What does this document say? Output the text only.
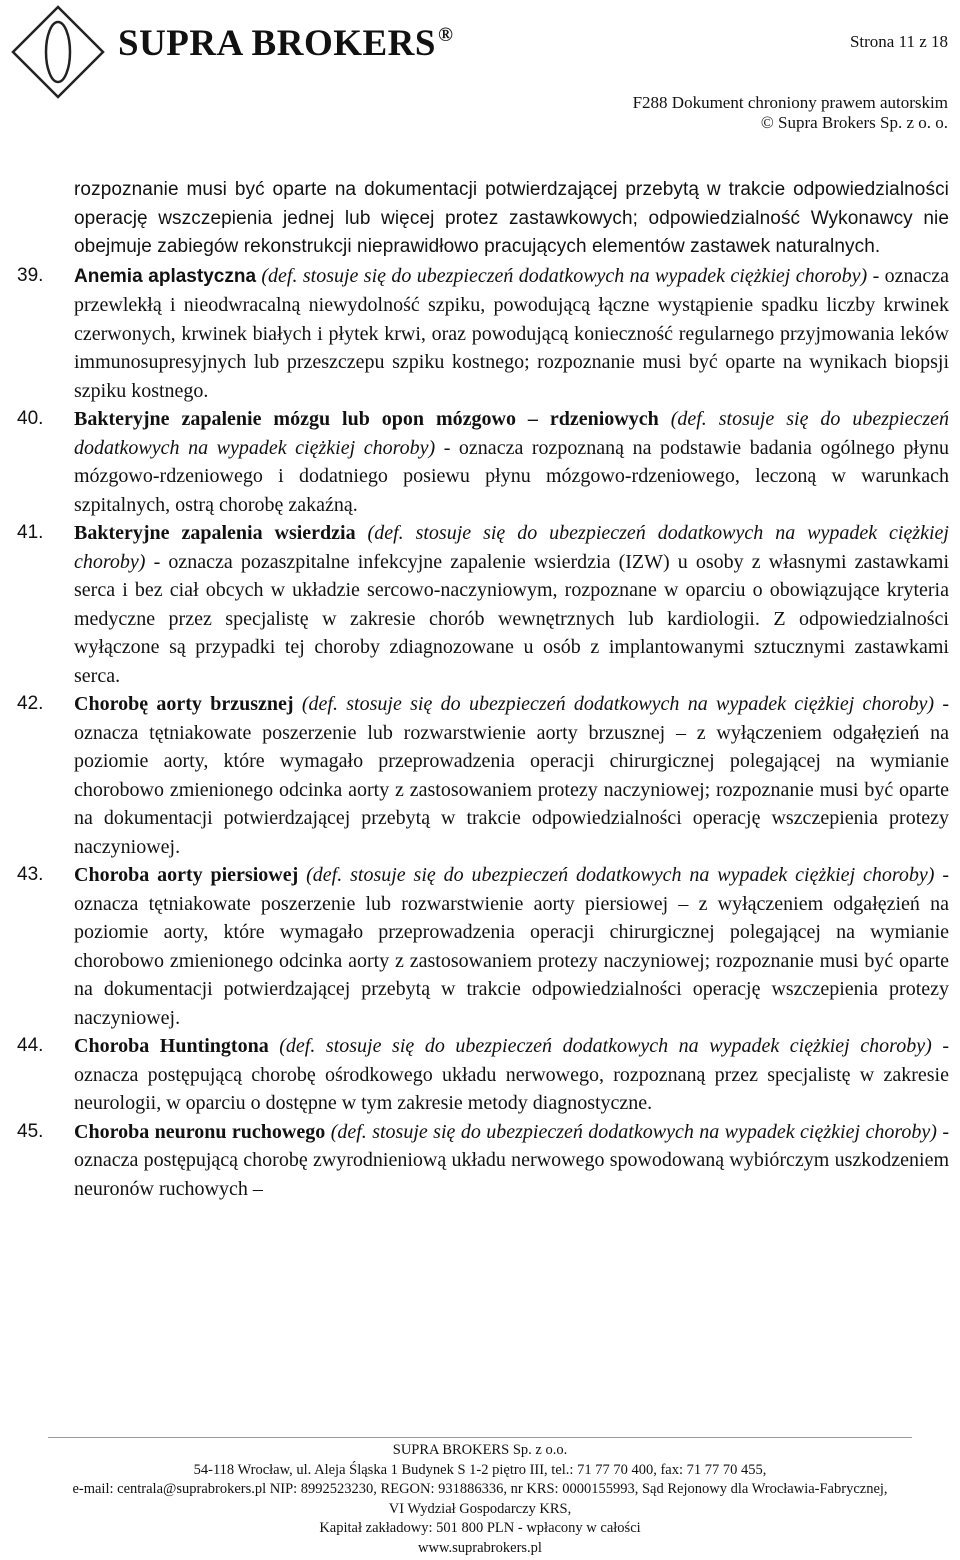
SUPRA BROKERS ®	Strona 11 z 18
F288 Dokument chroniony prawem autorskim
© Supra Brokers Sp. z o. o.
rozpoznanie musi być oparte na dokumentacji potwierdzającej przebytą w trakcie odpowiedzialności operację wszczepienia jednej lub więcej protez zastawkowych; odpowiedzialność Wykonawcy nie obejmuje zabiegów rekonstrukcji nieprawidłowo pracujących elementów zastawek naturalnych.
39. Anemia aplastyczna (def. stosuje się do ubezpieczeń dodatkowych na wypadek ciężkiej choroby) - oznacza przewlekłą i nieodwracalną niewydolność szpiku, powodującą łączne wystąpienie spadku liczby krwinek czerwonych, krwinek białych i płytek krwi, oraz powodującą konieczność regularnego przyjmowania leków immunosupresyjnych lub przeszczepu szpiku kostnego; rozpoznanie musi być oparte na wynikach biopsji szpiku kostnego.
40. Bakteryjne zapalenie mózgu lub opon mózgowo – rdzeniowych (def. stosuje się do ubezpieczeń dodatkowych na wypadek ciężkiej choroby) - oznacza rozpoznaną na podstawie badania ogólnego płynu mózgowo-rdzeniowego i dodatniego posiewu płynu mózgowo-rdzeniowego, leczoną w warunkach szpitalnych, ostrą chorobę zakaźną.
41. Bakteryjne zapalenia wsierdzia (def. stosuje się do ubezpieczeń dodatkowych na wypadek ciężkiej choroby) - oznacza pozaszpitalne infekcyjne zapalenie wsierdzia (IZW) u osoby z własnymi zastawkami serca i bez ciał obcych w układzie sercowo-naczyniowym, rozpoznane w oparciu o obowiązujące kryteria medyczne przez specjalistę w zakresie chorób wewnętrznych lub kardiologii. Z odpowiedzialności wyłączone są przypadki tej choroby zdiagnozowane u osób z implantowanymi sztucznymi zastawkami serca.
42. Chorobę aorty brzusznej (def. stosuje się do ubezpieczeń dodatkowych na wypadek ciężkiej choroby) - oznacza tętniakowate poszerzenie lub rozwarstwienie aorty brzusznej – z wyłączeniem odgałęzień na poziomie aorty, które wymagało przeprowadzenia operacji chirurgicznej polegającej na wymianie chorobowo zmienionego odcinka aorty z zastosowaniem protezy naczyniowej; rozpoznanie musi być oparte na dokumentacji potwierdzającej przebytą w trakcie odpowiedzialności operację wszczepienia protezy naczyniowej.
43. Choroba aorty piersiowej (def. stosuje się do ubezpieczeń dodatkowych na wypadek ciężkiej choroby) - oznacza tętniakowate poszerzenie lub rozwarstwienie aorty piersiowej – z wyłączeniem odgałęzień na poziomie aorty, które wymagało przeprowadzenia operacji chirurgicznej polegającej na wymianie chorobowo zmienionego odcinka aorty z zastosowaniem protezy naczyniowej; rozpoznanie musi być oparte na dokumentacji potwierdzającej przebytą w trakcie odpowiedzialności operację wszczepienia protezy naczyniowej.
44. Choroba Huntingtona (def. stosuje się do ubezpieczeń dodatkowych na wypadek ciężkiej choroby) - oznacza postępującą chorobę ośrodkowego układu nerwowego, rozpoznaną przez specjalistę w zakresie neurologii, w oparciu o dostępne w tym zakresie metody diagnostyczne.
45. Choroba neuronu ruchowego (def. stosuje się do ubezpieczeń dodatkowych na wypadek ciężkiej choroby) - oznacza postępującą chorobę zwyrodnieniową układu nerwowego spowodowaną wybiórczym uszkodzeniem neuronów ruchowych –
SUPRA BROKERS Sp. z o.o.
54-118 Wrocław, ul. Aleja Śląska 1 Budynek S 1-2 piętro III, tel.: 71 77 70 400, fax: 71 77 70 455,
e-mail: centrala@suprabrokers.pl NIP: 8992523230, REGON: 931886336, nr KRS: 0000155993, Sąd Rejonowy dla Wrocławia-Fabrycznej,
VI Wydział Gospodarczy KRS,
Kapitał zakładowy: 501 800 PLN - wpłacony w całości
www.suprabrokers.pl
